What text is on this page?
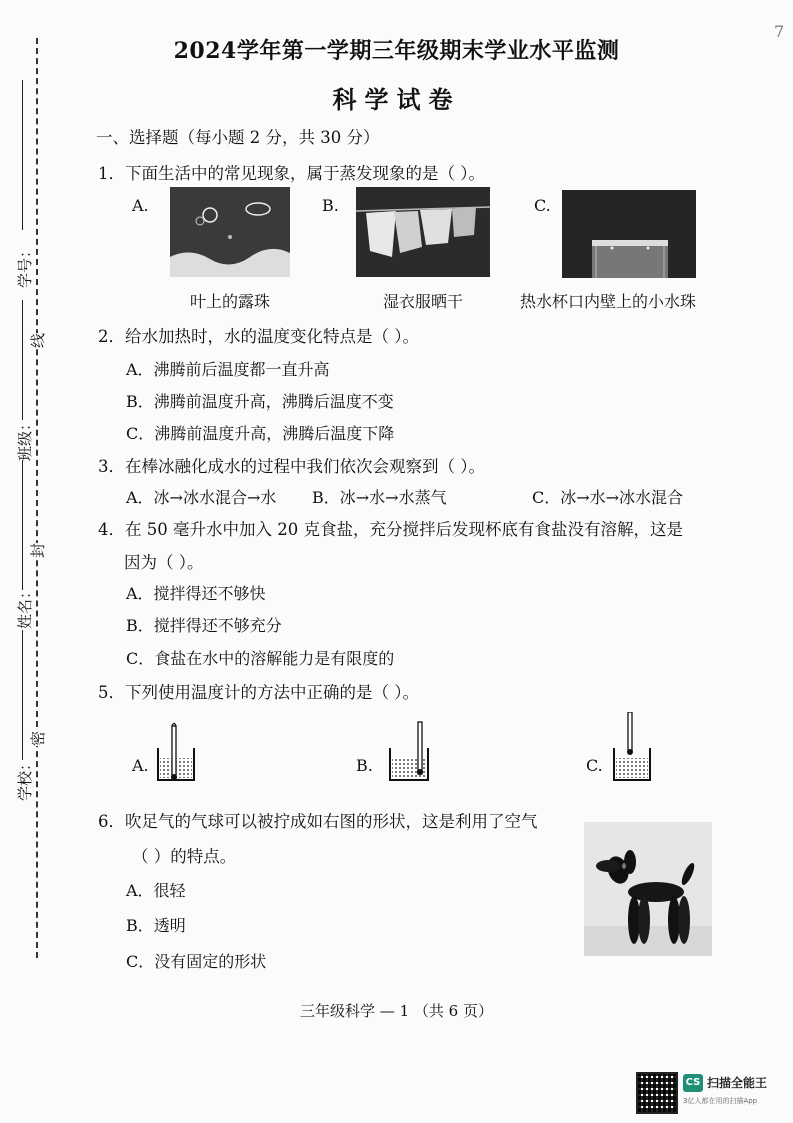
2024学年第一学期三年级期末学业水平监测
科学试卷
7
学号：
班级：
姓名：
学校：
线
封
密
一、选择题（每小题 2 分，共 30 分）
1．下面生活中的常见现象，属于蒸发现象的是（ ）。
A.
叶上的露珠
B.
湿衣服晒干
C.
热水杯口内壁上的小水珠
2．给水加热时，水的温度变化特点是（ ）。
A．沸腾前后温度都一直升高
B．沸腾前温度升高，沸腾后温度不变
C．沸腾前温度升高，沸腾后温度下降
3．在棒冰融化成水的过程中我们依次会观察到（ ）。
A．冰→冰水混合→水 B．冰→水→水蒸气	C．冰→水→冰水混合
4．在 50 毫升水中加入 20 克食盐，充分搅拌后发现杯底有食盐没有溶解，这是
因为（ ）。
A．搅拌得还不够快
B．搅拌得还不够充分
C．食盐在水中的溶解能力是有限度的
5．下列使用温度计的方法中正确的是（ ）。
A.	B.	C.
6．吹足气的气球可以被拧成如右图的形状，这是利用了空气
（ ）的特点。
A．很轻
B．透明
C．没有固定的形状
三年级科学 — 1 （共 6 页）
CS 扫描全能王
3亿人都在用的扫描App
